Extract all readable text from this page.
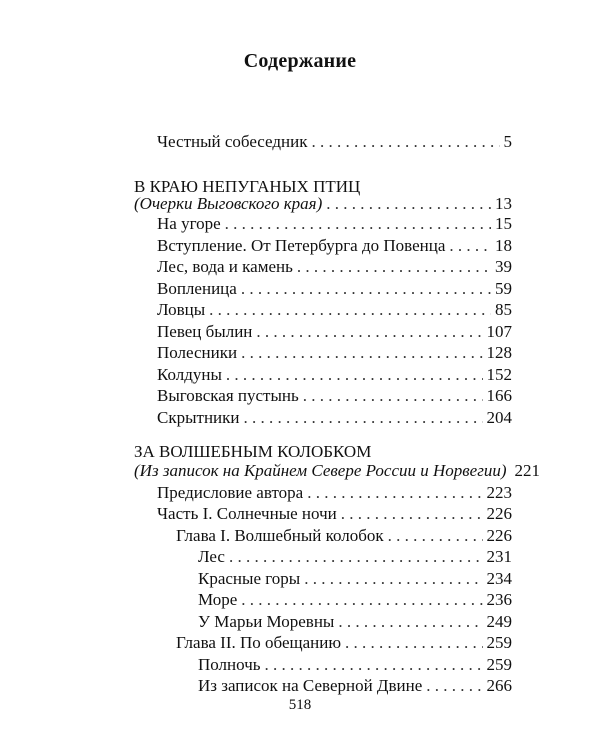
Содержание
Честный собеседник . . .	5
В КРАЮ НЕПУГАНЫХ ПТИЦ
(Очерки Выговского края) . . .	13
На угоре . . .	15
Вступление. От Петербурга до Повенца . . .	18
Лес, вода и камень . . .	39
Вопленица . . .	59
Ловцы . . .	85
Певец былин . . .	107
Полесники . . .	128
Колдуны . . .	152
Выговская пустынь . . .	166
Скрытники . . .	204
ЗА ВОЛШЕБНЫМ КОЛОБКОМ
(Из записок на Крайнем Севере России и Норвегии) 221
Предисловие автора . . .	223
Часть I. Солнечные ночи . . .	226
Глава I. Волшебный колобок . . .	226
Лес . . .	231
Красные горы . . .	234
Море . . .	236
У Марьи Моревны . . .	249
Глава II. По обещанию . . .	259
Полночь . . .	259
Из записок на Северной Двине . . .	266
518
